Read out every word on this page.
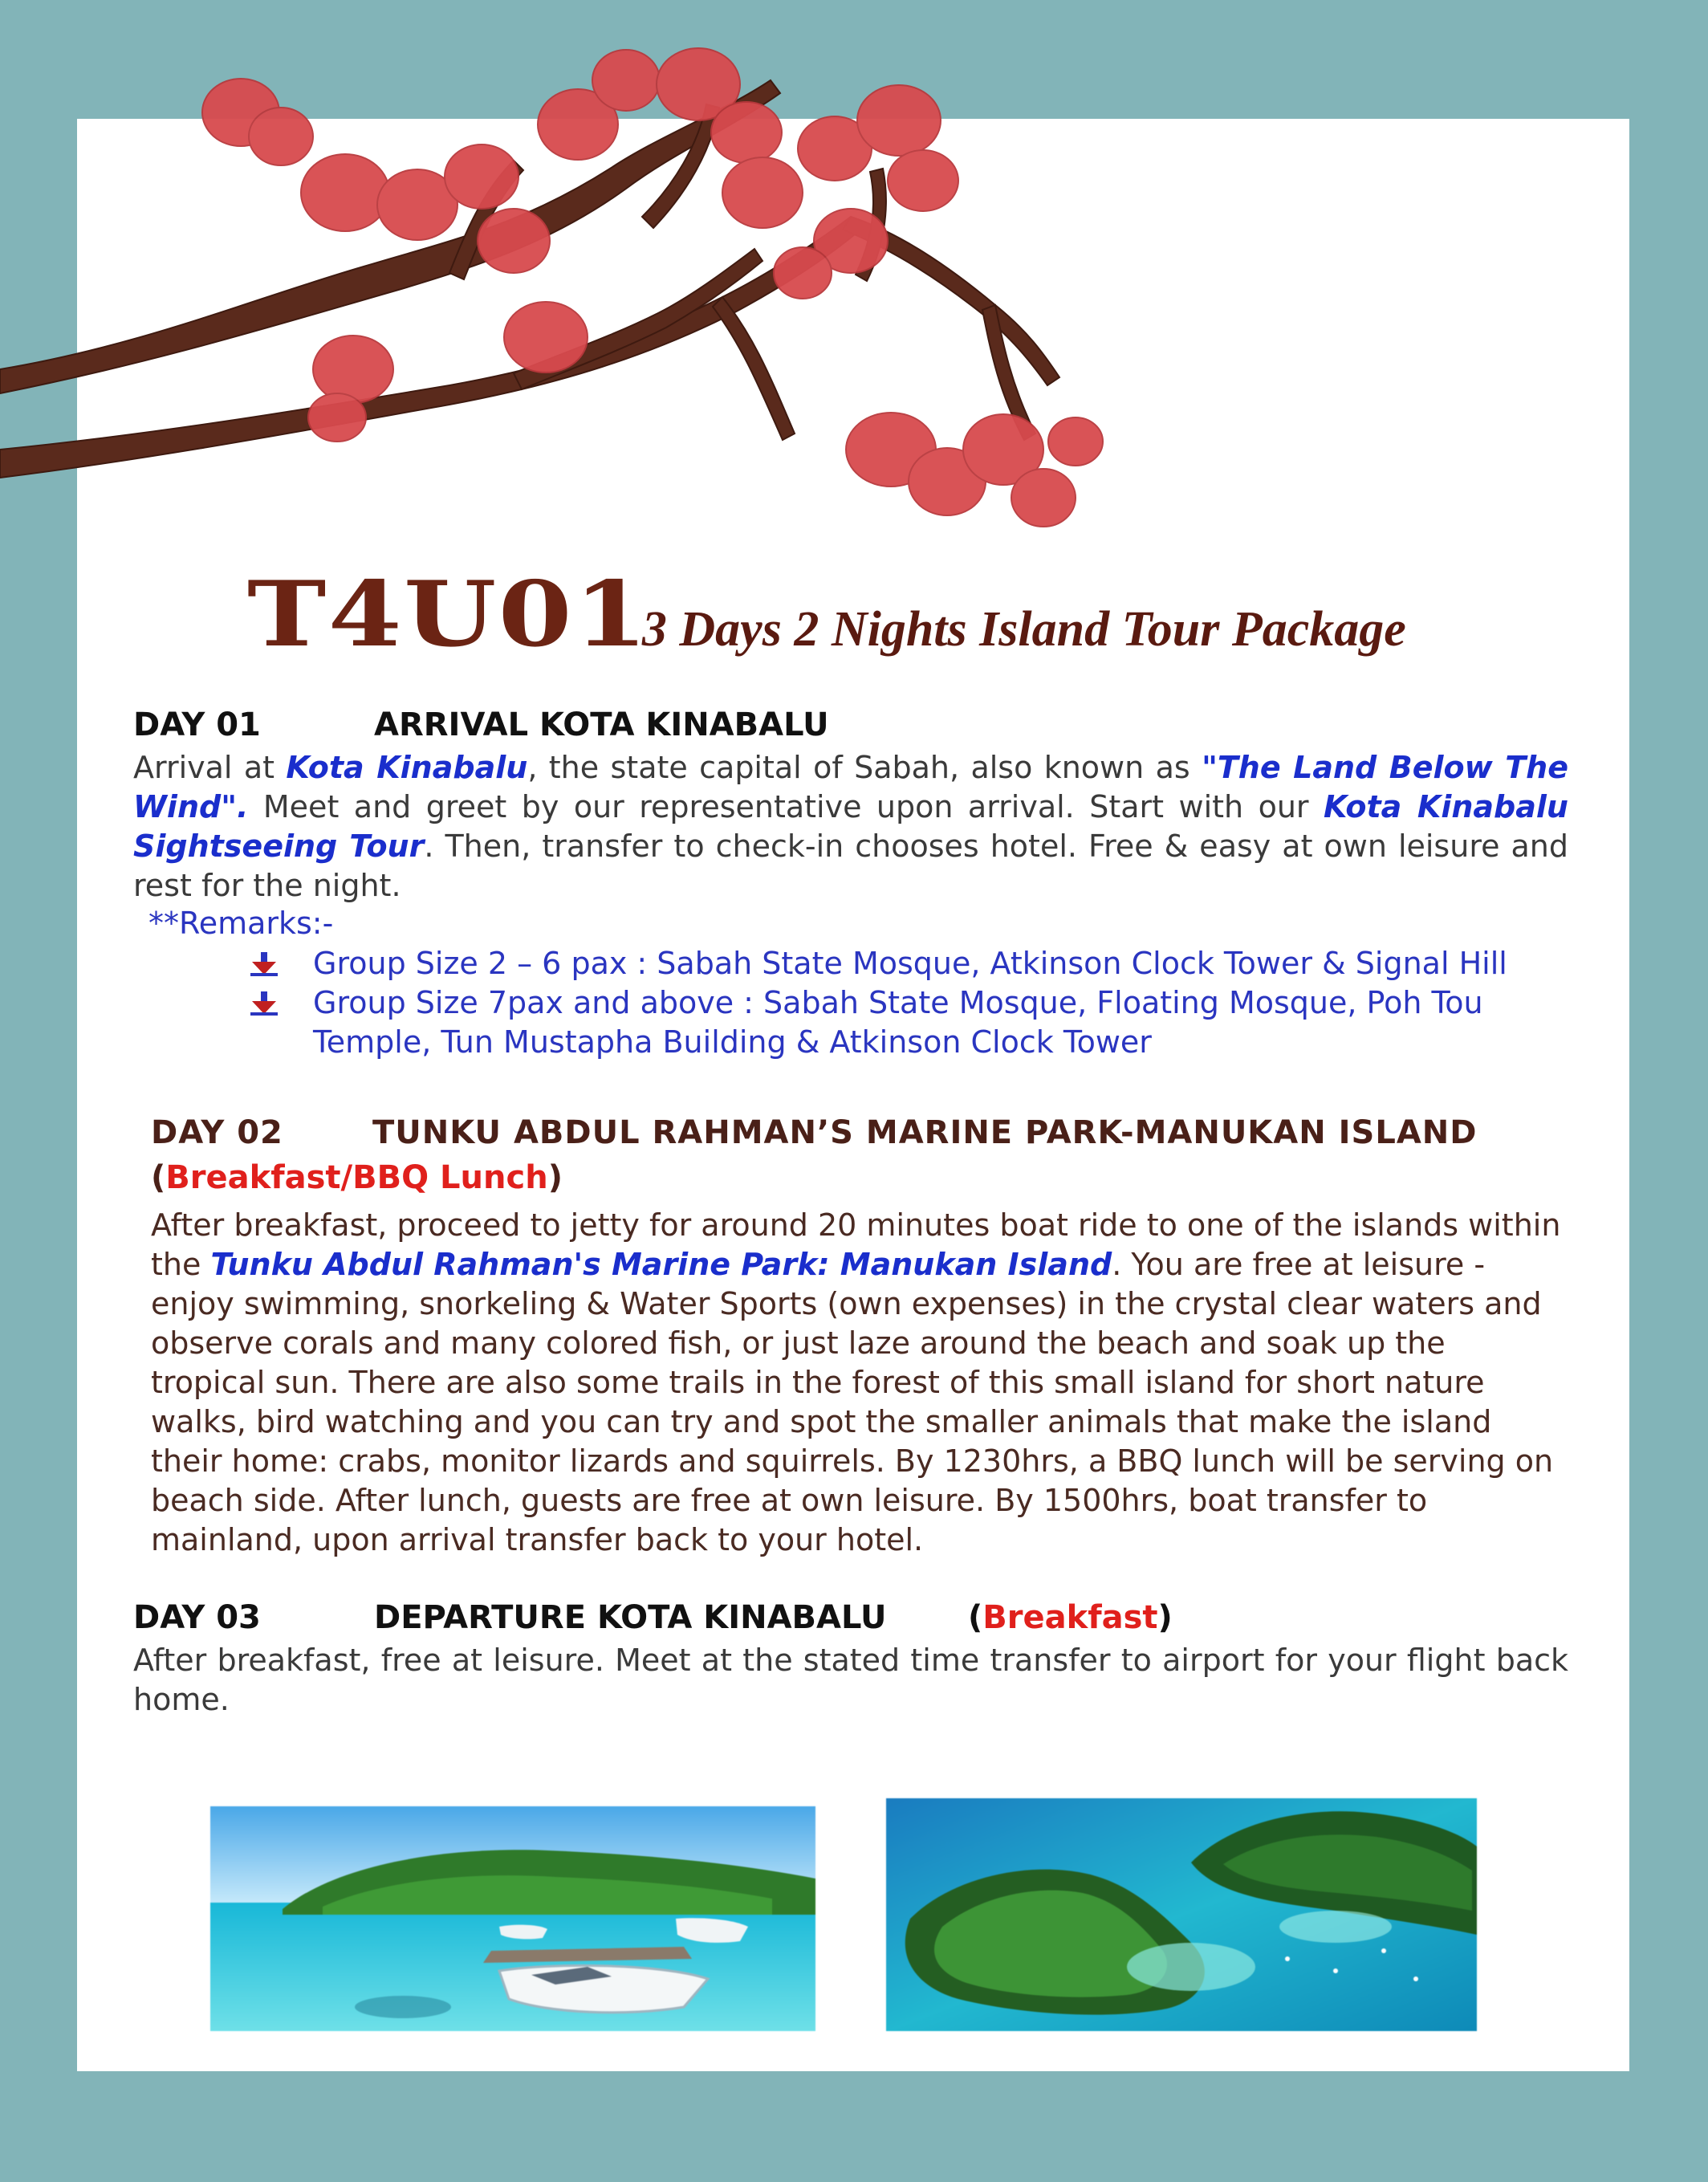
T4U01 3 Days 2 Nights Island Tour Package
DAY 01	ARRIVAL KOTA KINABALU
Arrival at Kota Kinabalu, the state capital of Sabah, also known as "The Land Below The Wind". Meet and greet by our representative upon arrival. Start with our Kota Kinabalu Sightseeing Tour. Then, transfer to check-in chooses hotel. Free & easy at own leisure and rest for the night.
**Remarks:-
Group Size 2 – 6 pax : Sabah State Mosque, Atkinson Clock Tower & Signal Hill
Group Size 7pax and above : Sabah State Mosque, Floating Mosque, Poh Tou Temple, Tun Mustapha Building & Atkinson Clock Tower
DAY 02	TUNKU ABDUL RAHMAN’S MARINE PARK-MANUKAN ISLAND
(Breakfast/BBQ Lunch)
After breakfast, proceed to jetty for around 20 minutes boat ride to one of the islands within the Tunku Abdul Rahman's Marine Park: Manukan Island. You are free at leisure - enjoy swimming, snorkeling & Water Sports (own expenses) in the crystal clear waters and observe corals and many colored fish, or just laze around the beach and soak up the tropical sun. There are also some trails in the forest of this small island for short nature walks, bird watching and you can try and spot the smaller animals that make the island their home: crabs, monitor lizards and squirrels. By 1230hrs, a BBQ lunch will be serving on beach side. After lunch, guests are free at own leisure. By 1500hrs, boat transfer to mainland, upon arrival transfer back to your hotel.
DAY 03	DEPARTURE KOTA KINABALU	(Breakfast)
After breakfast, free at leisure. Meet at the stated time transfer to airport for your flight back home.
